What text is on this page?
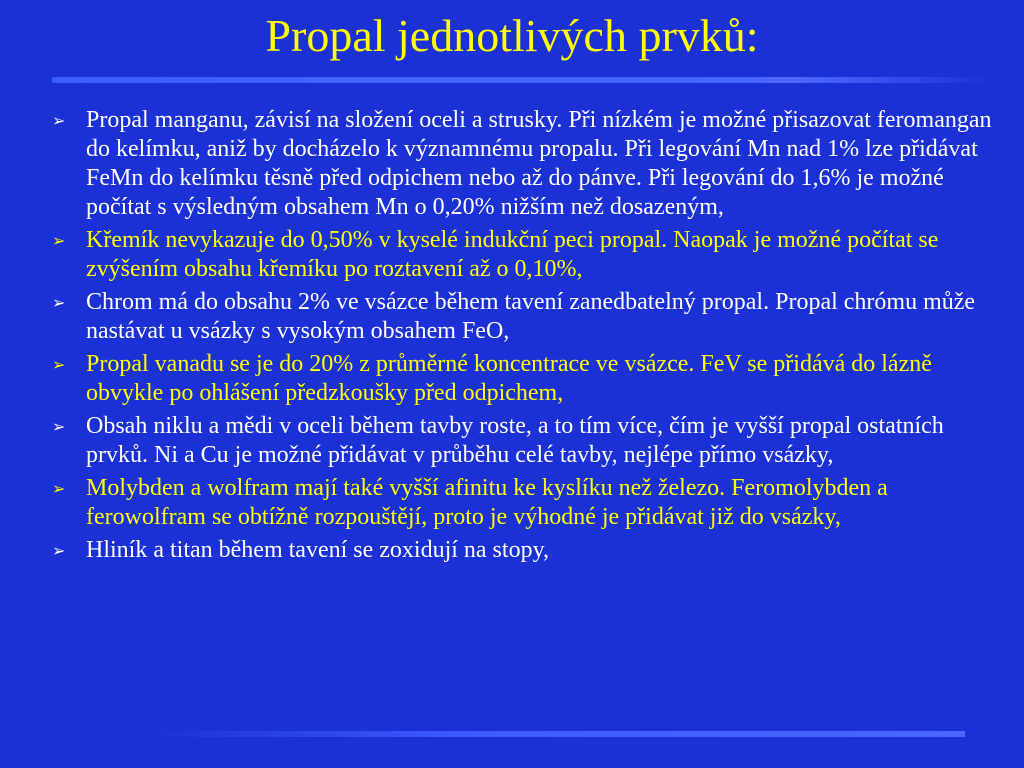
Propal jednotlivých prvků:
➢ Propal manganu, závisí na složení oceli a strusky. Při nízkém je možné přisazovat feromangan do kelímku, aniž by docházelo k významnému propalu. Při legování Mn nad 1% lze přidávat FeMn do kelímku těsně před odpichem nebo až do pánve. Při legování do 1,6% je možné počítat s výsledným obsahem Mn o 0,20% nižším než dosazeným,
➢ Křemík nevykazuje do 0,50% v kyselé indukční peci propal. Naopak je možné počítat se zvýšením obsahu křemíku po roztavení až o 0,10%,
➢ Chrom má do obsahu 2% ve vsázce během tavení zanedbatelný propal. Propal chrómu může nastávat u vsázky s vysokým obsahem FeO,
➢ Propal vanadu se je do 20% z průměrné koncentrace ve vsázce. FeV se přidává do lázně obvykle po ohlášení předzkoušky před odpichem,
➢ Obsah niklu a mědi v oceli během tavby roste, a to tím více, čím je vyšší propal ostatních prvků. Ni a Cu je možné přidávat v průběhu celé tavby, nejlépe přímo vsázky,
➢ Molybden a wolfram mají také vyšší afinitu ke kyslíku než železo. Feromolybden a ferowolfram se obtížně rozpouštějí, proto je výhodné je přidávat již do vsázky,
➢ Hliník a titan během tavení se zoxidují na stopy,
